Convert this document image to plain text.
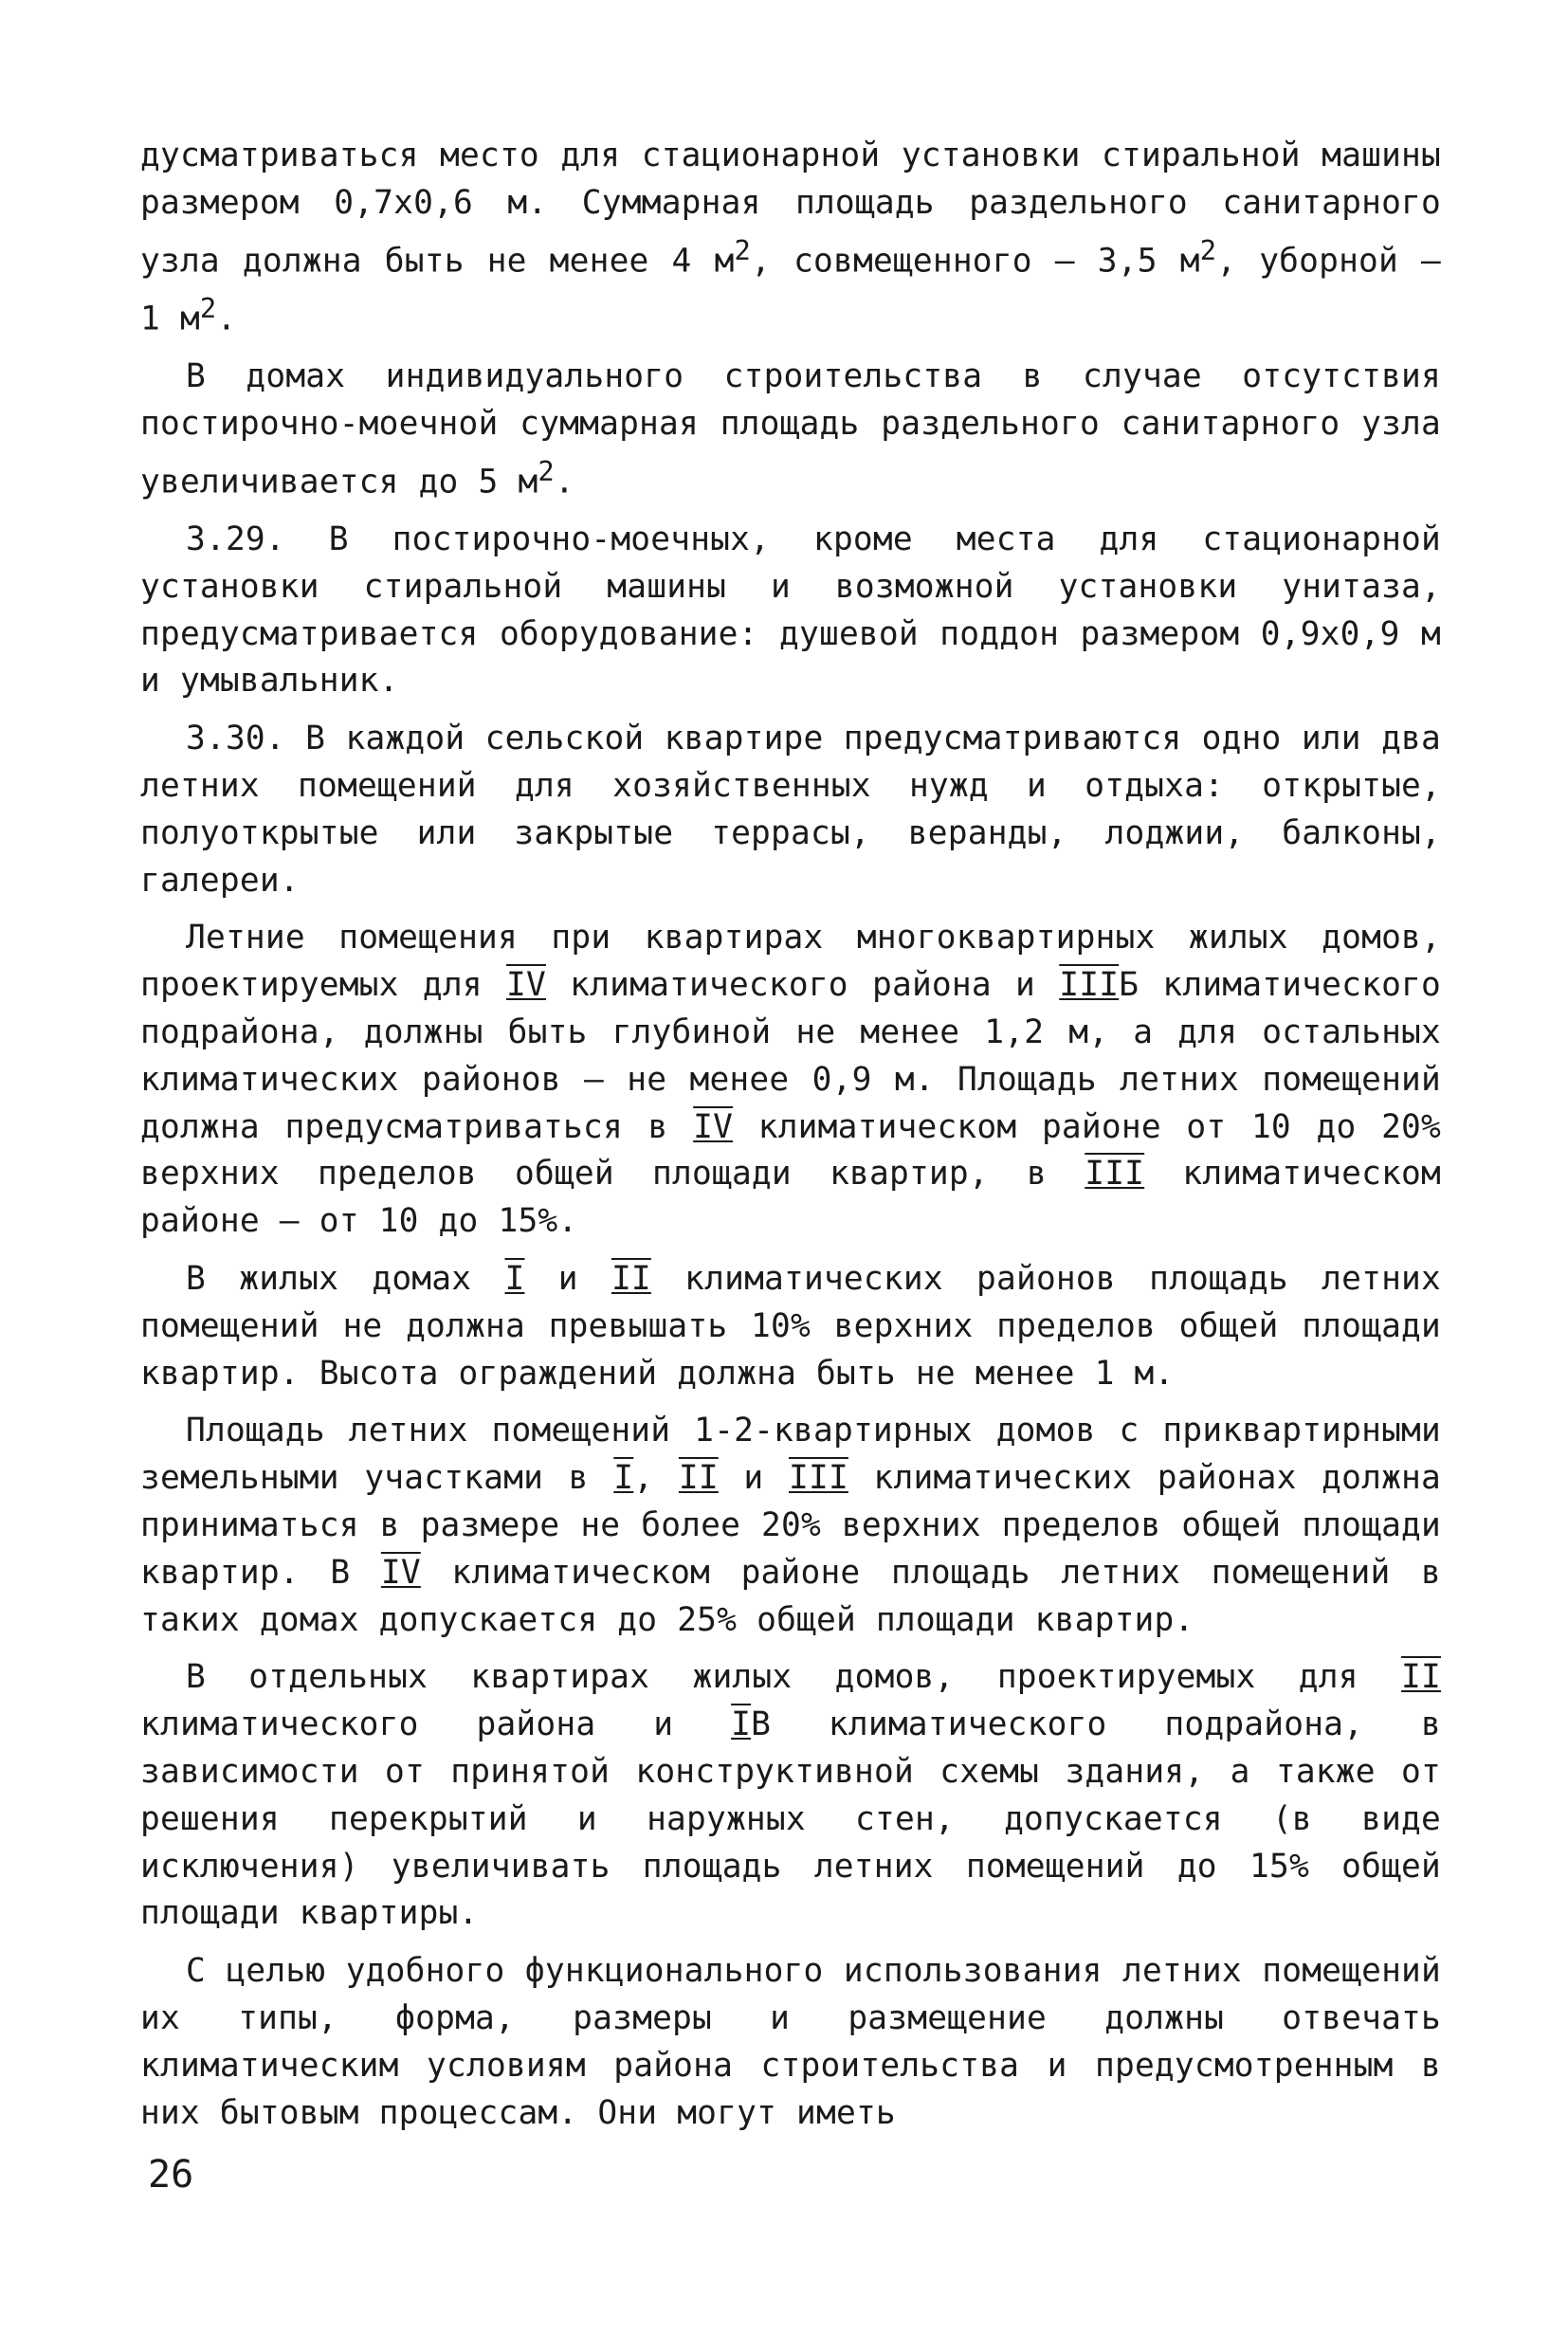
дусматриваться место для стационарной установки стиральной машины размером 0,7х0,6 м. Суммарная площадь раздельного санитарного узла должна быть не менее 4 $м^2$, совмещенного – 3,5 $м^2$, уборной – 1 $м^2$.

В домах индивидуального строительства в случае отсутствия постирочно-моечной суммарная площадь раздельного санитарного узла увеличивается до 5 $м^2$.

3.29. В постирочно-моечных, кроме места для стационарной установки стиральной машины и возможной установки унитаза, предусматривается оборудование: душевой поддон размером 0,9х0,9 м и умывальник.

3.30. В каждой сельской квартире предусматриваются одно или два летних помещений для хозяйственных нужд и отдыха: открытые, полуоткрытые или закрытые террасы, веранды, лоджии, балконы, галереи.

Летние помещения при квартирах многоквартирных жилых домов, проектируемых для IV климатического района и IIIБ климатического подрайона, должны быть глубиной не менее 1,2 м, а для остальных климатических районов – не менее 0,9 м. Площадь летних помещений должна предусматриваться в IV климатическом районе от 10 до 20% верхних пределов общей площади квартир, в III климатическом районе – от 10 до 15%.

В жилых домах I и II климатических районов площадь летних помещений не должна превышать 10% верхних пределов общей площади квартир. Высота ограждений должна быть не менее 1 м.

Площадь летних помещений 1-2-квартирных домов с приквартирными земельными участками в I, II и III климатических районах должна приниматься в размере не более 20% верхних пределов общей площади квартир. В IV климатическом районе площадь летних помещений в таких домах допускается до 25% общей площади квартир.

В отдельных квартирах жилых домов, проектируемых для II климатического района и IВ климатического подрайона, в зависимости от принятой конструктивной схемы здания, а также от решения перекрытий и наружных стен, допускается (в виде исключения) увеличивать площадь летних помещений до 15% общей площади квартиры.

С целью удобного функционального использования летних помещений их типы, форма, размеры и размещение должны отвечать климатическим условиям района строительства и предусмотренным в них бытовым процессам. Они могут иметь

26
